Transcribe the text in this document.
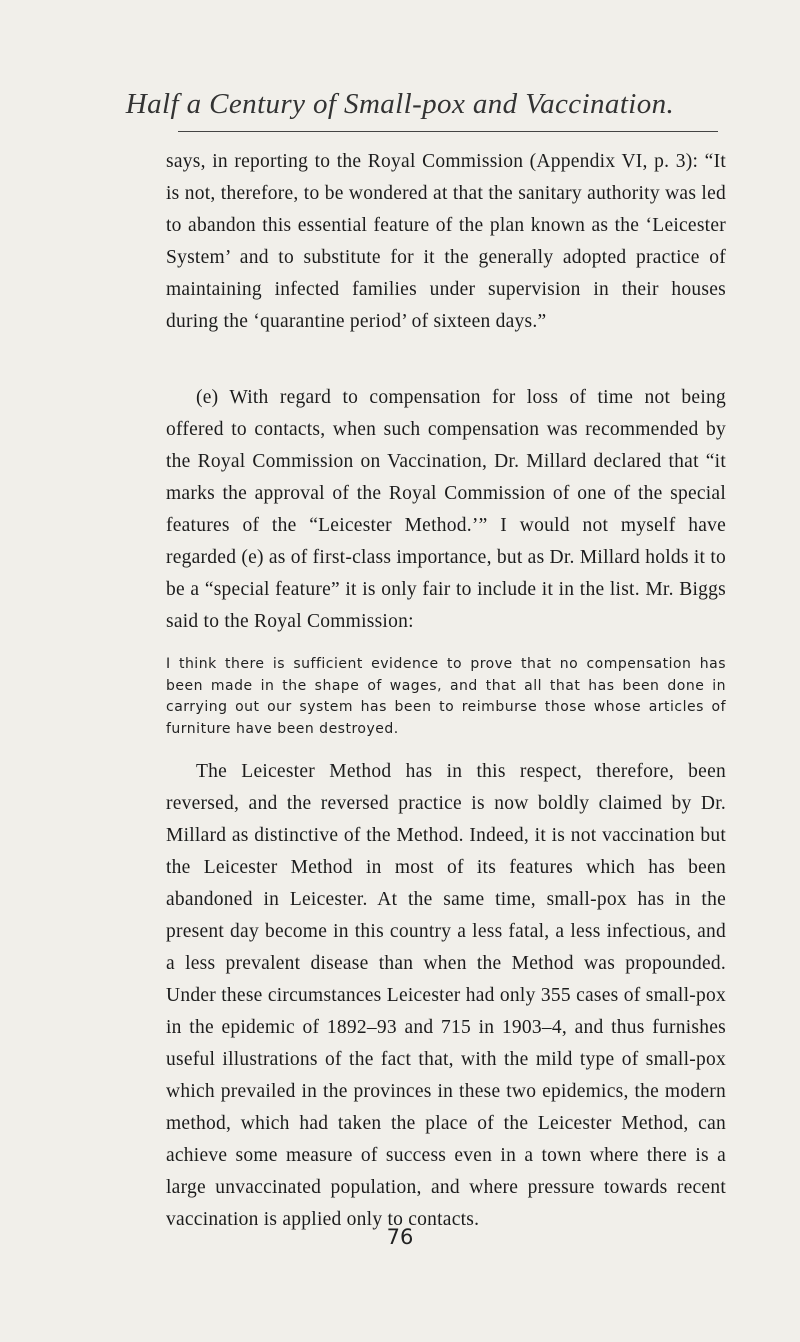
Half a Century of Small-pox and Vaccination.

says, in reporting to the Royal Commission (Appendix VI, p. 3): “It is not, therefore, to be wondered at that the sanitary authority was led to abandon this essential feature of the plan known as the ‘Leicester System’ and to substitute for it the generally adopted practice of maintaining infected families under supervision in their houses during the ‘quarantine period’ of sixteen days.”

(e) With regard to compensation for loss of time not being offered to contacts, when such compensation was recommended by the Royal Commission on Vaccination, Dr. Millard declared that “it marks the approval of the Royal Commission of one of the special features of the “Leicester Method.’” I would not myself have regarded (e) as of first-class importance, but as Dr. Millard holds it to be a “special feature” it is only fair to include it in the list. Mr. Biggs said to the Royal Commission:

I think there is sufficient evidence to prove that no compensation has been made in the shape of wages, and that all that has been done in carrying out our system has been to reimburse those whose articles of furniture have been destroyed.

The Leicester Method has in this respect, therefore, been reversed, and the reversed practice is now boldly claimed by Dr. Millard as distinctive of the Method. Indeed, it is not vaccination but the Leicester Method in most of its features which has been abandoned in Leicester. At the same time, small-pox has in the present day become in this country a less fatal, a less infectious, and a less prevalent disease than when the Method was propounded. Under these circumstances Leicester had only 355 cases of small-pox in the epidemic of 1892–93 and 715 in 1903–4, and thus furnishes useful illustrations of the fact that, with the mild type of small-pox which prevailed in the provinces in these two epidemics, the modern method, which had taken the place of the Leicester Method, can achieve some measure of success even in a town where there is a large unvaccinated population, and where pressure towards recent vaccination is applied only to contacts.

76
